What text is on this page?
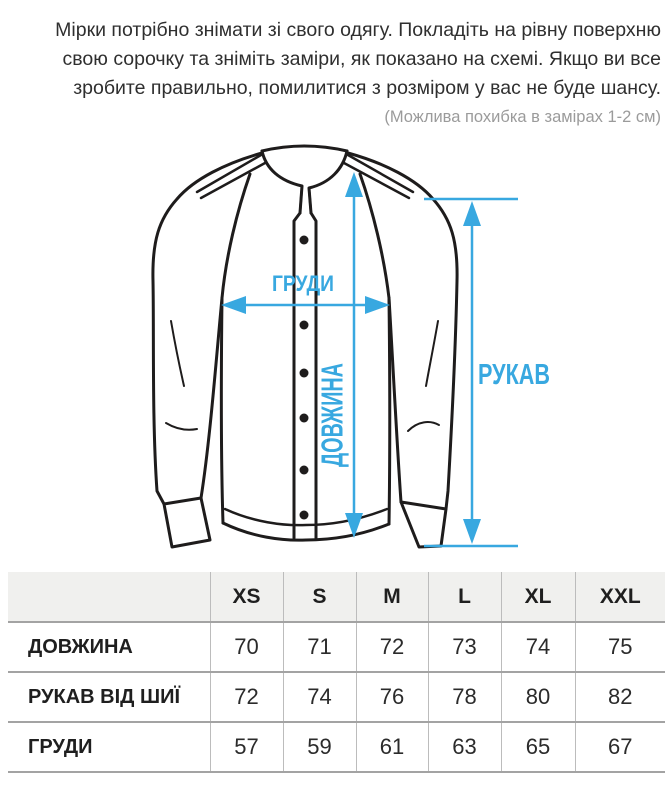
Мірки потрібно знімати зі свого одягу. Покладіть на рівну поверхню
свою сорочку та зніміть заміри, як показано на схемі. Якщо ви все
зробите правильно, помилитися з розміром у вас не буде шансу.
(Можлива похибка в замірах 1-2 см)
ГРУДИ
ДОВЖИНА	РУКАВ
	XS	S	M	L	XL	XXL
ДОВЖИНА	70	71	72	73	74	75
РУКАВ ВІД ШИЇ	72	74	76	78	80	82
ГРУДИ	57	59	61	63	65	67
